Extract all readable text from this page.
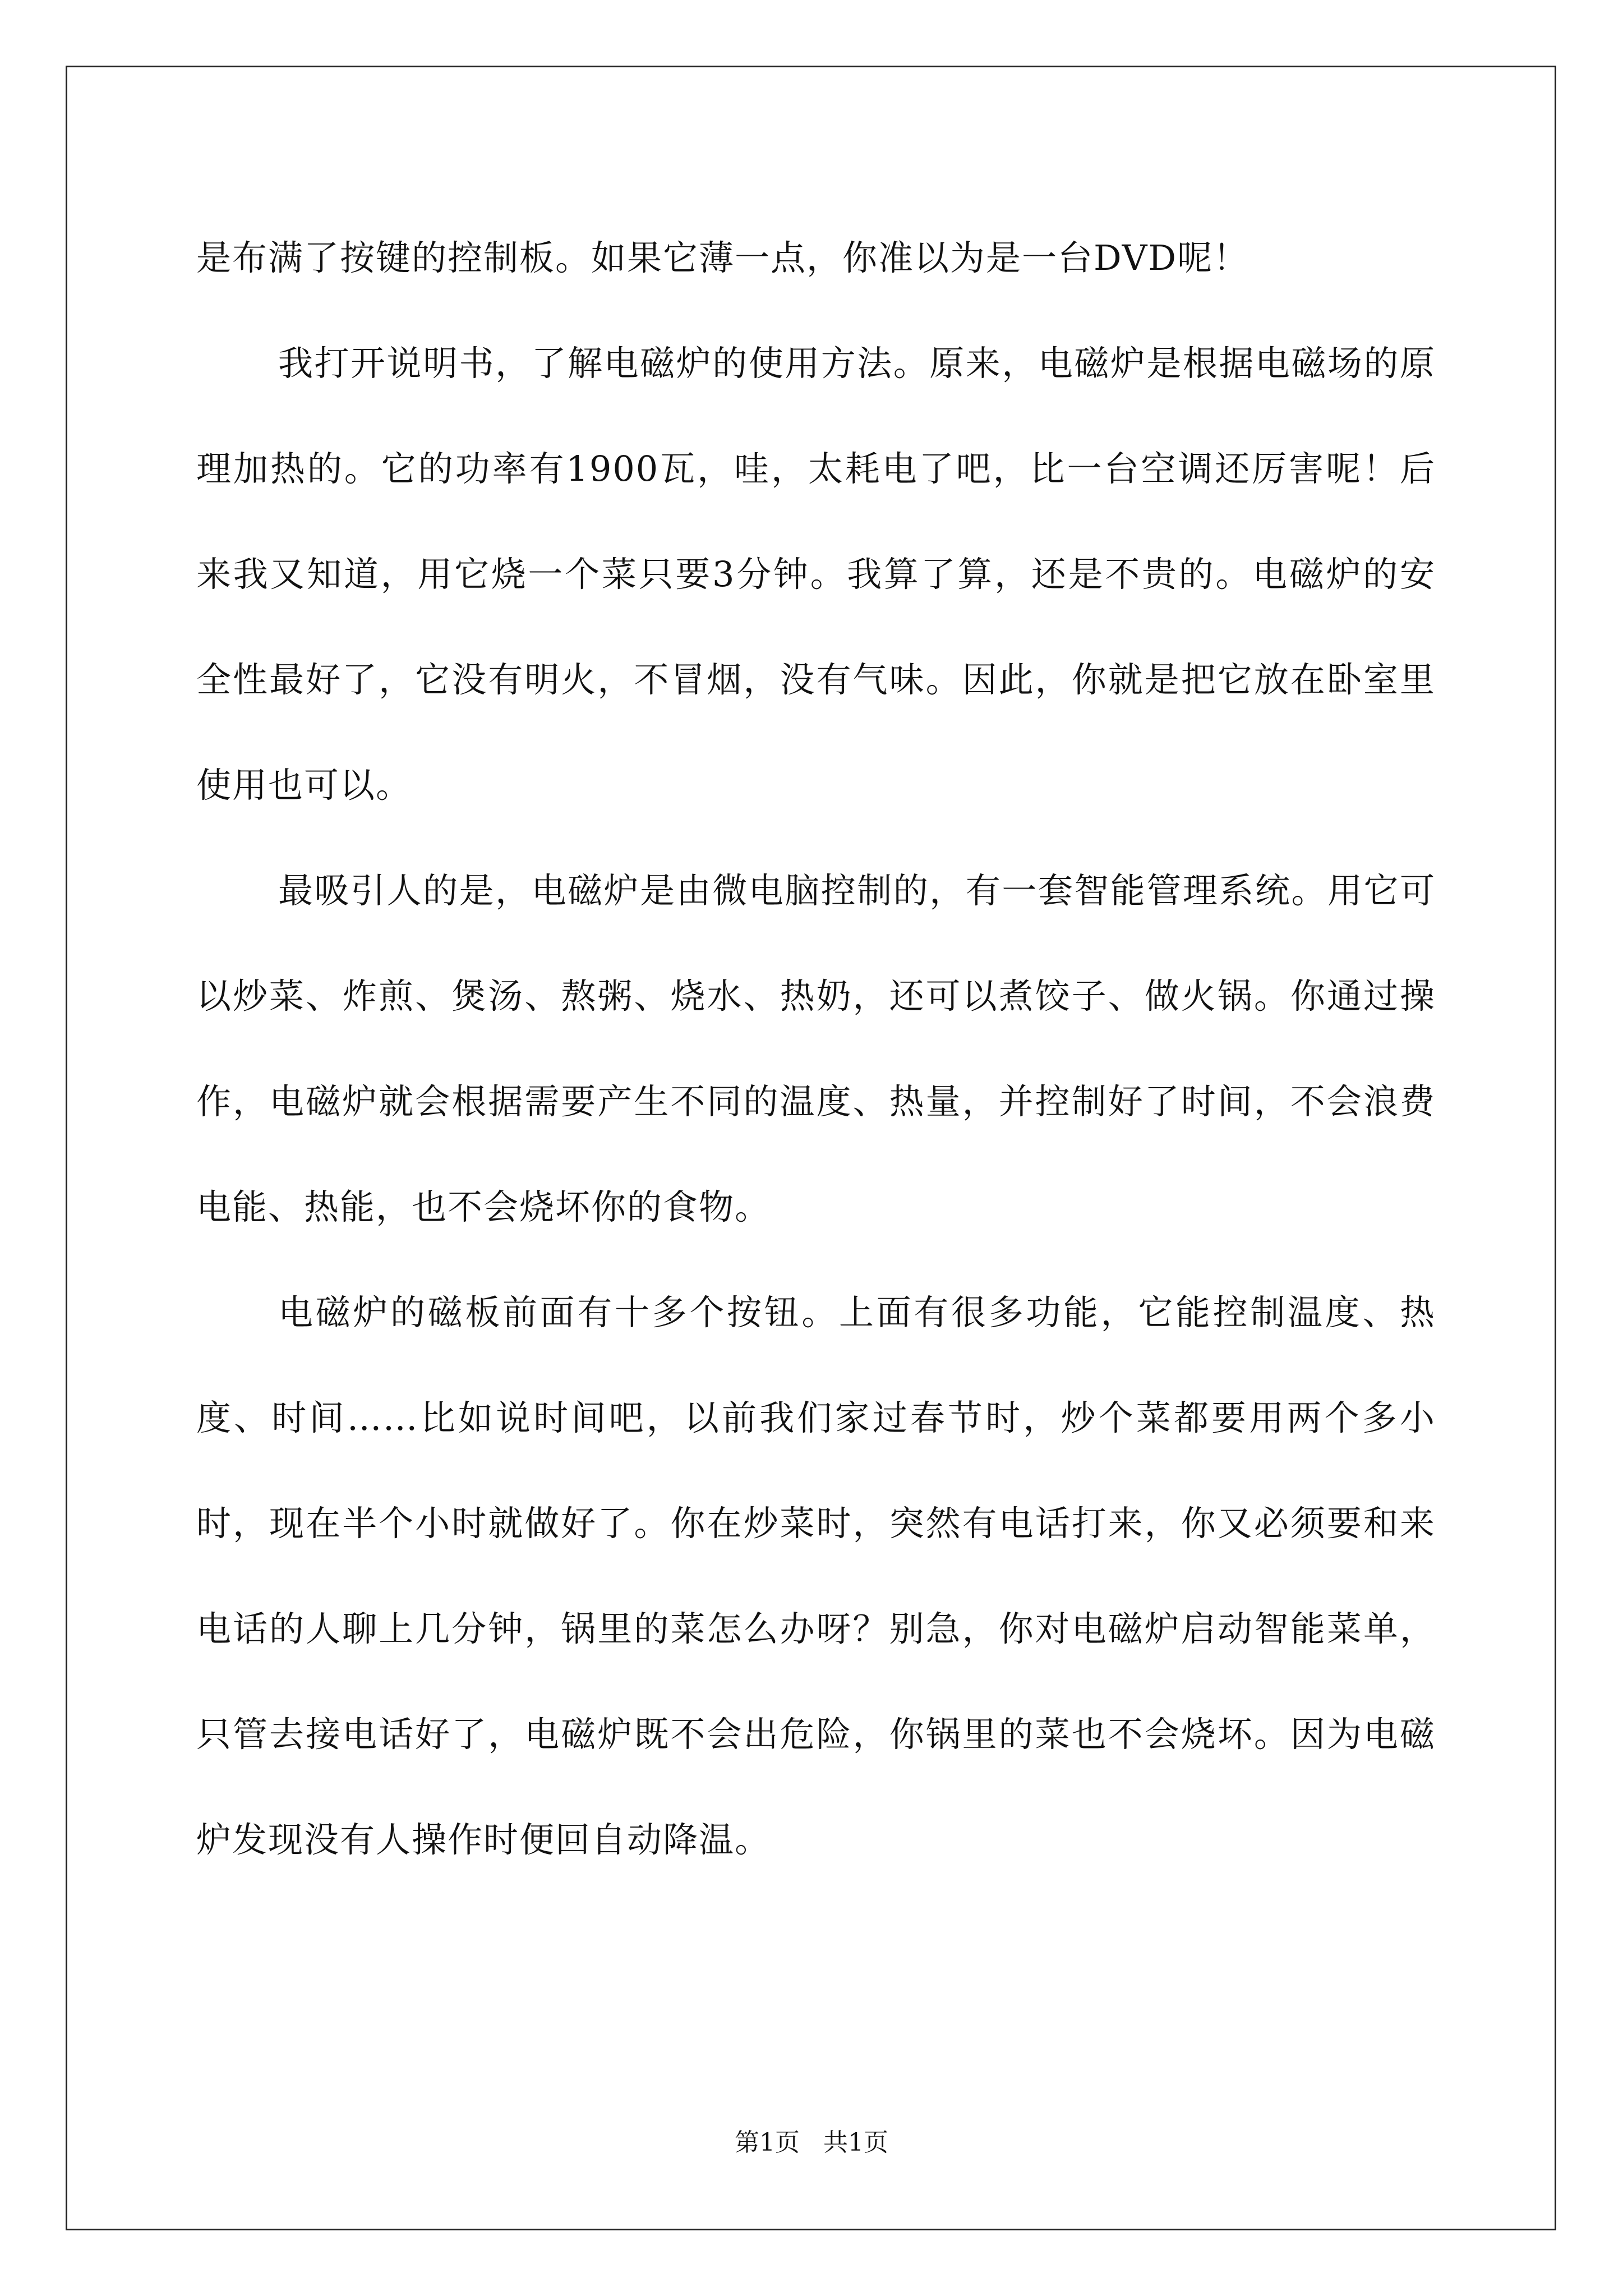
是布满了按键的控制板。如果它薄一点，你准以为是一台DVD呢！

我打开说明书，了解电磁炉的使用方法。原来，电磁炉是根据电磁场的原理加热的。它的功率有1900瓦，哇，太耗电了吧，比一台空调还厉害呢！后来我又知道，用它烧一个菜只要3分钟。我算了算，还是不贵的。电磁炉的安全性最好了，它没有明火，不冒烟，没有气味。因此，你就是把它放在卧室里使用也可以。

最吸引人的是，电磁炉是由微电脑控制的，有一套智能管理系统。用它可以炒菜、炸煎、煲汤、熬粥、烧水、热奶，还可以煮饺子、做火锅。你通过操作，电磁炉就会根据需要产生不同的温度、热量，并控制好了时间，不会浪费电能、热能，也不会烧坏你的食物。

电磁炉的磁板前面有十多个按钮。上面有很多功能，它能控制温度、热度、时间……比如说时间吧，以前我们家过春节时，炒个菜都要用两个多小时，现在半个小时就做好了。你在炒菜时，突然有电话打来，你又必须要和来电话的人聊上几分钟，锅里的菜怎么办呀？别急，你对电磁炉启动智能菜单，只管去接电话好了，电磁炉既不会出危险，你锅里的菜也不会烧坏。因为电磁炉发现没有人操作时便回自动降温。

第1页   共1页
